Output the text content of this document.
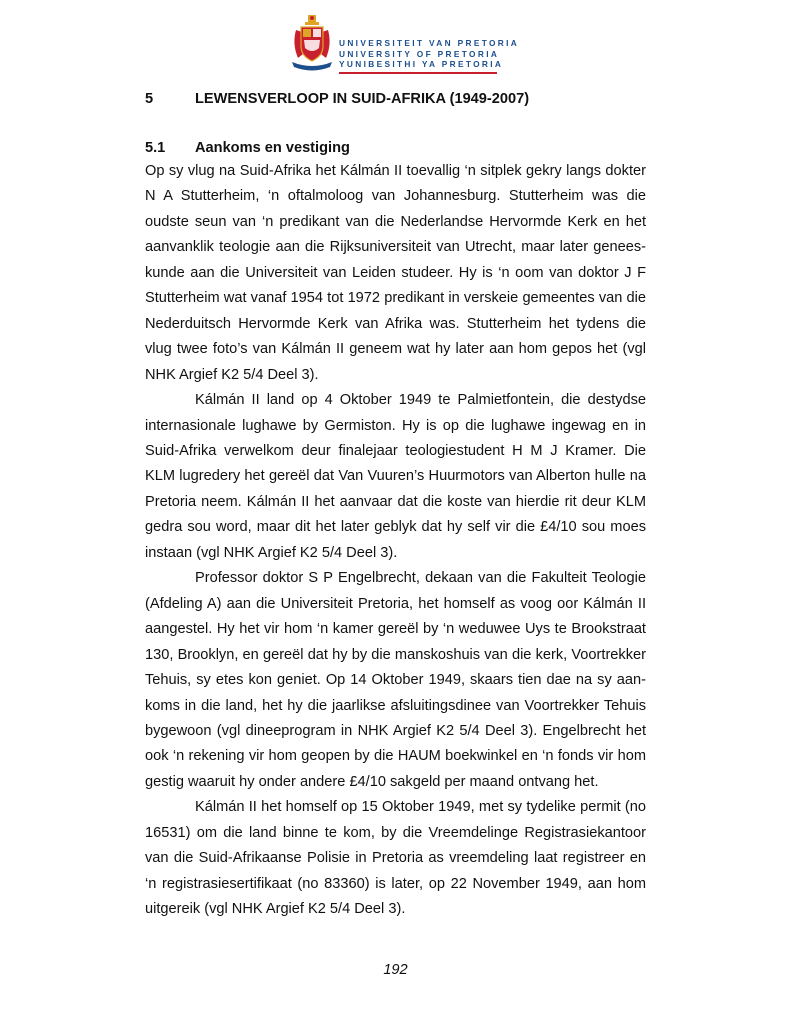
UNIVERSITEIT VAN PRETORIA
UNIVERSITY OF PRETORIA
YUNIBESITHI YA PRETORIA
5	LEWENSVERLOOP IN SUID-AFRIKA (1949-2007)
5.1	Aankoms en vestiging

Op sy vlug na Suid-Afrika het Kálmán II toevallig ‘n sitplek gekry langs dokter N A Stutterheim, ‘n oftalmoloog van Johannesburg. Stutterheim was die oudste seun van ‘n predikant van die Nederlandse Hervormde Kerk en het aanvanklik teologie aan die Rijksuniversiteit van Utrecht, maar later geneeskunde aan die Universiteit van Leiden studeer. Hy is ‘n oom van doktor J F Stutterheim wat vanaf 1954 tot 1972 predikant in verskeie gemeentes van die Nederduitsch Hervormde Kerk van Afrika was. Stutterheim het tydens die vlug twee foto’s van Kálmán II geneem wat hy later aan hom gepos het (vgl NHK Argief K2 5/4 Deel 3).

Kálmán II land op 4 Oktober 1949 te Palmietfontein, die destydse internasionale lughawe by Germiston. Hy is op die lughawe ingewag en in Suid-Afrika verwelkom deur finalejaar teologiestudent H M J Kramer. Die KLM lugredery het gereël dat Van Vuuren’s Huurmotors van Alberton hulle na Pretoria neem. Kálmán II het aanvaar dat die koste van hierdie rit deur KLM gedra sou word, maar dit het later geblyk dat hy self vir die £4/10 sou moes instaan (vgl NHK Argief K2 5/4 Deel 3).

Professor doktor S P Engelbrecht, dekaan van die Fakulteit Teologie (Afdeling A) aan die Universiteit Pretoria, het homself as voog oor Kálmán II aangestel. Hy het vir hom ‘n kamer gereël by ‘n weduwee Uys te Brookstraat 130, Brooklyn, en gereël dat hy by die manskoshuis van die kerk, Voortrekker Tehuis, sy etes kon geniet. Op 14 Oktober 1949, skaars tien dae na sy aankoms in die land, het hy die jaarlikse afsluitingsdinee van Voortrekker Tehuis bygewoon (vgl dineeprogram in NHK Argief K2 5/4 Deel 3). Engelbrecht het ook ‘n rekening vir hom geopen by die HAUM boekwinkel en ‘n fonds vir hom gestig waaruit hy onder andere £4/10 sakgeld per maand ontvang het.

Kálmán II het homself op 15 Oktober 1949, met sy tydelike permit (no 16531) om die land binne te kom, by die Vreemdelinge Registrasiekantoor van die Suid-Afrikaanse Polisie in Pretoria as vreemdeling laat registreer en ‘n registrasiesertifikaat (no 83360) is later, op 22 November 1949, aan hom uitgereik (vgl NHK Argief K2 5/4 Deel 3).

192
